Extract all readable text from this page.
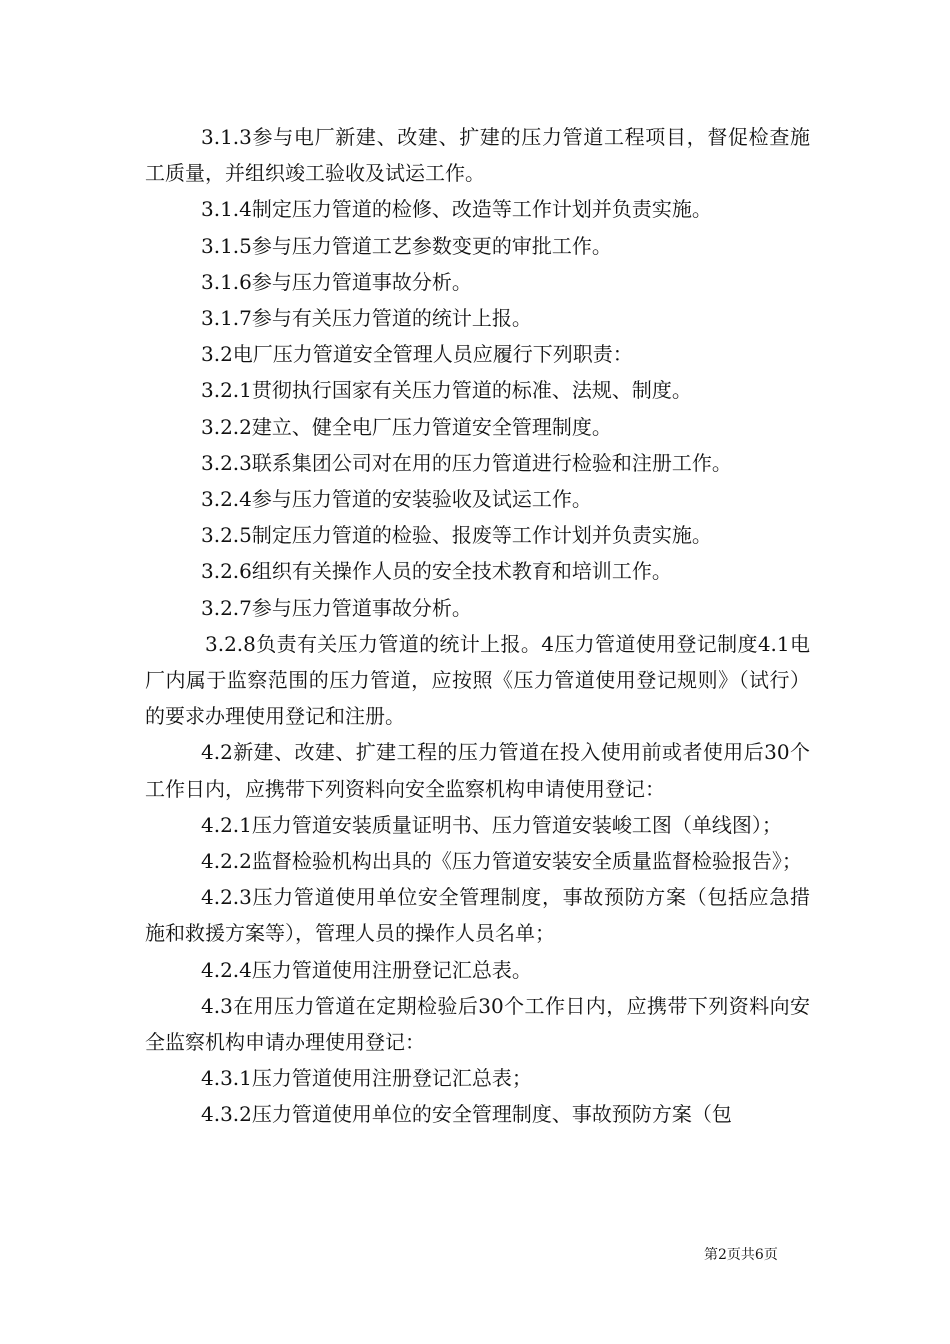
3.1.3参与电厂新建、改建、扩建的压力管道工程项目，督促检查施工质量，并组织竣工验收及试运工作。

3.1.4制定压力管道的检修、改造等工作计划并负责实施。

3.1.5参与压力管道工艺参数变更的审批工作。

3.1.6参与压力管道事故分析。

3.1.7参与有关压力管道的统计上报。

3.2电厂压力管道安全管理人员应履行下列职责：

3.2.1贯彻执行国家有关压力管道的标准、法规、制度。

3.2.2建立、健全电厂压力管道安全管理制度。

3.2.3联系集团公司对在用的压力管道进行检验和注册工作。

3.2.4参与压力管道的安装验收及试运工作。

3.2.5制定压力管道的检验、报废等工作计划并负责实施。

3.2.6组织有关操作人员的安全技术教育和培训工作。

3.2.7参与压力管道事故分析。

3.2.8负责有关压力管道的统计上报。4压力管道使用登记制度4.1电厂内属于监察范围的压力管道，应按照《压力管道使用登记规则》（试行）的要求办理使用登记和注册。

4.2新建、改建、扩建工程的压力管道在投入使用前或者使用后30个工作日内，应携带下列资料向安全监察机构申请使用登记：

4.2.1压力管道安装质量证明书、压力管道安装峻工图（单线图）；

4.2.2监督检验机构出具的《压力管道安装安全质量监督检验报告》；

4.2.3压力管道使用单位安全管理制度，事故预防方案（包括应急措施和救援方案等），管理人员的操作人员名单；

4.2.4压力管道使用注册登记汇总表。

4.3在用压力管道在定期检验后30个工作日内，应携带下列资料向安全监察机构申请办理使用登记：

4.3.1压力管道使用注册登记汇总表；

4.3.2压力管道使用单位的安全管理制度、事故预防方案（包

第2页共6页
